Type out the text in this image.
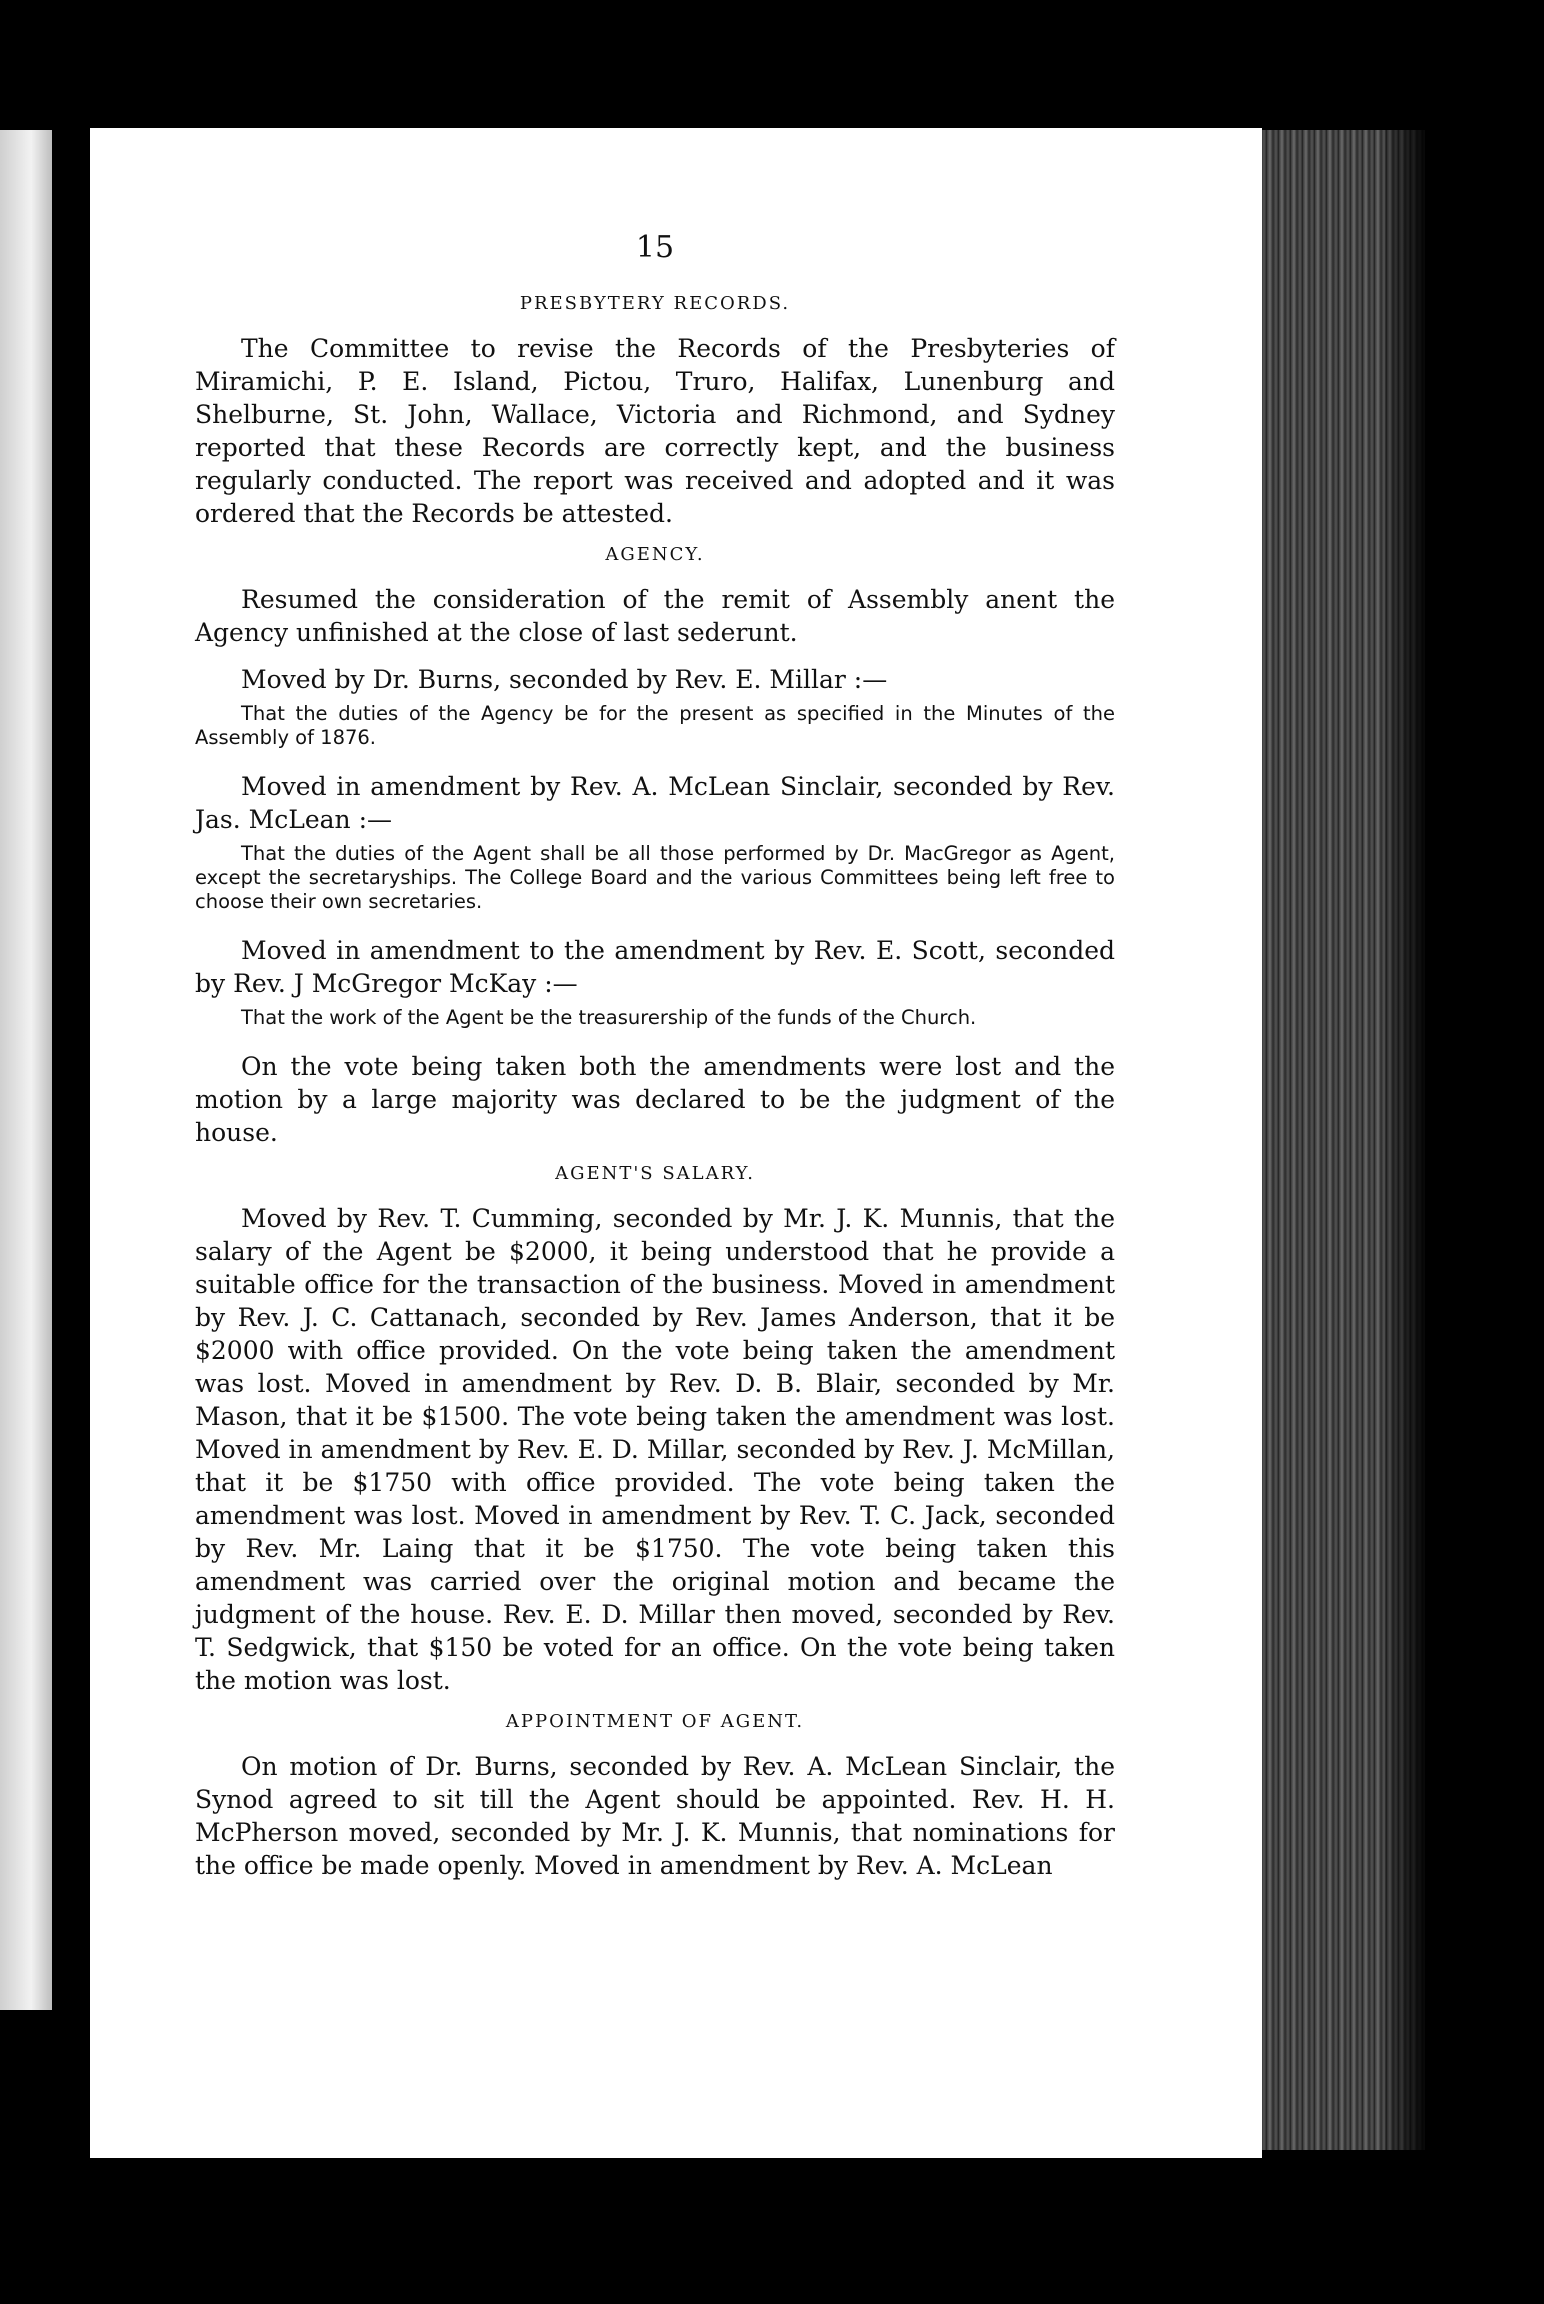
15
PRESBYTERY RECORDS.

The Committee to revise the Records of the Presbyteries of Miramichi, P. E. Island, Pictou, Truro, Halifax, Lunenburg and Shelburne, St. John, Wallace, Victoria and Richmond, and Sydney reported that these Records are correctly kept, and the business regularly conducted. The report was received and adopted and it was ordered that the Records be attested.

AGENCY.

Resumed the consideration of the remit of Assembly anent the Agency unfinished at the close of last sederunt.

Moved by Dr. Burns, seconded by Rev. E. Millar :—

That the duties of the Agency be for the present as specified in the Minutes of the Assembly of 1876.

Moved in amendment by Rev. A. McLean Sinclair, seconded by Rev. Jas. McLean :—

That the duties of the Agent shall be all those performed by Dr. MacGregor as Agent, except the secretaryships. The College Board and the various Committees being left free to choose their own secretaries.

Moved in amendment to the amendment by Rev. E. Scott, seconded by Rev. J McGregor McKay :—

That the work of the Agent be the treasurership of the funds of the Church.

On the vote being taken both the amendments were lost and the motion by a large majority was declared to be the judgment of the house.

AGENT'S SALARY.

Moved by Rev. T. Cumming, seconded by Mr. J. K. Munnis, that the salary of the Agent be $2000, it being understood that he provide a suitable office for the transaction of the business. Moved in amendment by Rev. J. C. Cattanach, seconded by Rev. James Anderson, that it be $2000 with office provided. On the vote being taken the amendment was lost. Moved in amendment by Rev. D. B. Blair, seconded by Mr. Mason, that it be $1500. The vote being taken the amendment was lost. Moved in amendment by Rev. E. D. Millar, seconded by Rev. J. McMillan, that it be $1750 with office provided. The vote being taken the amendment was lost. Moved in amendment by Rev. T. C. Jack, seconded by Rev. Mr. Laing that it be $1750. The vote being taken this amendment was carried over the original motion and became the judgment of the house. Rev. E. D. Millar then moved, seconded by Rev. T. Sedgwick, that $150 be voted for an office. On the vote being taken the motion was lost.

APPOINTMENT OF AGENT.

On motion of Dr. Burns, seconded by Rev. A. McLean Sinclair, the Synod agreed to sit till the Agent should be appointed. Rev. H. H. McPherson moved, seconded by Mr. J. K. Munnis, that nominations for the office be made openly. Moved in amendment by Rev. A. McLean
